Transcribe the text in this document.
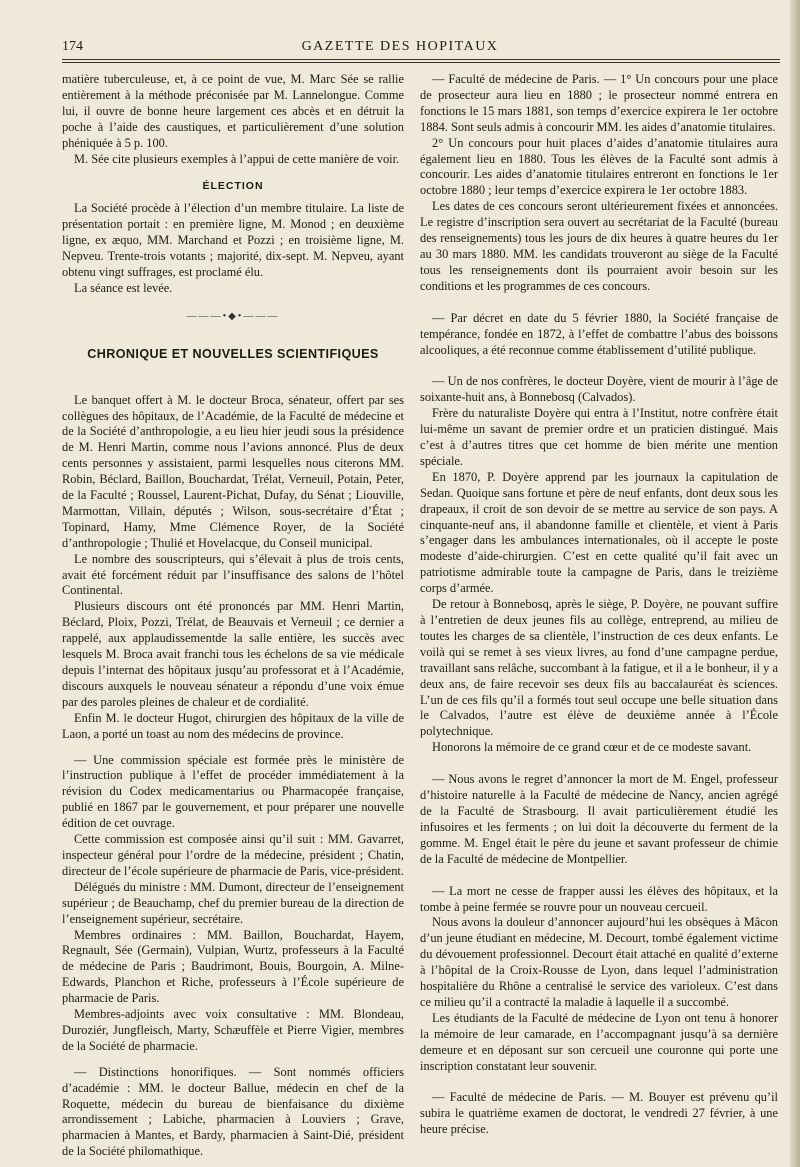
174	GAZETTE DES HOPITAUX

matière tuberculeuse, et, à ce point de vue, M. Marc Sée se rallie entièrement à la méthode préconisée par M. Lannelongue. Comme lui, il ouvre de bonne heure largement ces abcès et en détruit la poche à l’aide des caustiques, et particulièrement d’une solution phéniquée à 5 p. 100.

M. Sée cite plusieurs exemples à l’appui de cette manière de voir.

ÉLECTION

La Société procède à l’élection d’un membre titulaire. La liste de présentation portait : en première ligne, M. Monod ; en deuxième ligne, ex æquo, MM. Marchand et Pozzi ; en troisième ligne, M. Nepveu. Trente-trois votants ; majorité, dix-sept. M. Nepveu, ayant obtenu vingt suffrages, est proclamé élu.

La séance est levée.

———•◆•———
CHRONIQUE ET NOUVELLES SCIENTIFIQUES

Le banquet offert à M. le docteur Broca, sénateur, offert par ses collègues des hôpitaux, de l’Académie, de la Faculté de médecine et de la Société d’anthropologie, a eu lieu hier jeudi sous la présidence de M. Henri Martin, comme nous l’avions annoncé. Plus de deux cents personnes y assistaient, parmi lesquelles nous citerons MM. Robin, Béclard, Baillon, Bouchardat, Trélat, Verneuil, Potain, Peter, de la Faculté ; Roussel, Laurent-Pichat, Dufay, du Sénat ; Liouville, Marmottan, Villain, députés ; Wilson, sous-secrétaire d’État ; Topinard, Hamy, Mme Clémence Royer, de la Société d’anthropologie ; Thulié et Hovelacque, du Conseil municipal.

Le nombre des souscripteurs, qui s’élevait à plus de trois cents, avait été forcément réduit par l’insuffisance des salons de l’hôtel Continental.

Plusieurs discours ont été prononcés par MM. Henri Martin, Béclard, Ploix, Pozzi, Trélat, de Beauvais et Verneuil ; ce dernier a rappelé, aux applaudissementde la salle entière, les succès avec lesquels M. Broca avait franchi tous les échelons de sa vie médicale depuis l’internat des hôpitaux jusqu’au professorat et à l’Académie, discours auxquels le nouveau sénateur a répondu d’une voix émue par des paroles pleines de chaleur et de cordialité.

Enfin M. le docteur Hugot, chirurgien des hôpitaux de la ville de Laon, a porté un toast au nom des médecins de province.

— Une commission spéciale est formée près le ministère de l’instruction publique à l’effet de procéder immédiatement à la révision du Codex medicamentarius ou Pharmacopée française, publié en 1867 par le gouvernement, et pour préparer une nouvelle édition de cet ouvrage.

Cette commission est composée ainsi qu’il suit : MM. Gavarret, inspecteur général pour l’ordre de la médecine, président ; Chatin, directeur de l’école supérieure de pharmacie de Paris, vice-président.

Délégués du ministre : MM. Dumont, directeur de l’enseignement supérieur ; de Beauchamp, chef du premier bureau de la direction de l’enseignement supérieur, secrétaire.

Membres ordinaires : MM. Baillon, Bouchardat, Hayem, Regnault, Sée (Germain), Vulpian, Wurtz, professeurs à la Faculté de médecine de Paris ; Baudrimont, Bouis, Bourgoin, A. Milne-Edwards, Planchon et Riche, professeurs à l’École supérieure de pharmacie de Paris.

Membres-adjoints avec voix consultative : MM. Blondeau, Duroziér, Jungfleisch, Marty, Schæuffèle et Pierre Vigier, membres de la Société de pharmacie.

— Distinctions honorifiques. — Sont nommés officiers d’académie : MM. le docteur Ballue, médecin en chef de la Roquette, médecin du bureau de bienfaisance du dixième arrondissement ; Labiche, pharmacien à Louviers ; Grave, pharmacien à Mantes, et Bardy, pharmacien à Saint-Dié, président de la Société philomathique.

— Faculté de médecine de Paris. — 1° Un concours pour une place de prosecteur aura lieu en 1880 ; le prosecteur nommé entrera en fonctions le 15 mars 1881, son temps d’exercice expirera le 1er octobre 1884. Sont seuls admis à concourir MM. les aides d’anatomie titulaires.

2° Un concours pour huit places d’aides d’anatomie titulaires aura également lieu en 1880. Tous les élèves de la Faculté sont admis à concourir. Les aides d’anatomie titulaires entreront en fonctions le 1er octobre 1880 ; leur temps d’exercice expirera le 1er octobre 1883.

Les dates de ces concours seront ultérieurement fixées et annoncées. Le registre d’inscription sera ouvert au secrétariat de la Faculté (bureau des renseignements) tous les jours de dix heures à quatre heures du 1er au 30 mars 1880. MM. les candidats trouveront au siège de la Faculté tous les renseignements dont ils pourraient avoir besoin sur les conditions et les programmes de ces concours.

— Par décret en date du 5 février 1880, la Société française de tempérance, fondée en 1872, à l’effet de combattre l’abus des boissons alcooliques, a été reconnue comme établissement d’utilité publique.

— Un de nos confrères, le docteur Doyère, vient de mourir à l’âge de soixante-huit ans, à Bonnebosq (Calvados).

Frère du naturaliste Doyère qui entra à l’Institut, notre confrère était lui-même un savant de premier ordre et un praticien distingué. Mais c’est à d’autres titres que cet homme de bien mérite une mention spéciale.

En 1870, P. Doyère apprend par les journaux la capitulation de Sedan. Quoique sans fortune et père de neuf enfants, dont deux sous les drapeaux, il croit de son devoir de se mettre au service de son pays. A cinquante-neuf ans, il abandonne famille et clientèle, et vient à Paris s’engager dans les ambulances internationales, où il accepte le poste modeste d’aide-chirurgien. C’est en cette qualité qu’il fait avec un patriotisme admirable toute la campagne de Paris, dans le treizième corps d’armée.

De retour à Bonnebosq, après le siège, P. Doyère, ne pouvant suffire à l’entretien de deux jeunes fils au collège, entreprend, au milieu de toutes les charges de sa clientèle, l’instruction de ces deux enfants. Le voilà qui se remet à ses vieux livres, au fond d’une campagne perdue, travaillant sans relâche, succombant à la fatigue, et il a le bonheur, il y a deux ans, de faire recevoir ses deux fils au baccalauréat ès sciences. L’un de ces fils qu’il a formés tout seul occupe une belle situation dans le Calvados, l’autre est élève de deuxième année à l’École polytechnique.

Honorons la mémoire de ce grand cœur et de ce modeste savant.

— Nous avons le regret d’annoncer la mort de M. Engel, professeur d’histoire naturelle à la Faculté de médecine de Nancy, ancien agrégé de la Faculté de Strasbourg. Il avait particulièrement étudié les infusoires et les ferments ; on lui doit la découverte du ferment de la gomme. M. Engel était le père du jeune et savant professeur de chimie de la Faculté de médecine de Montpellier.

— La mort ne cesse de frapper aussi les élèves des hôpitaux, et la tombe à peine fermée se rouvre pour un nouveau cercueil.

Nous avons la douleur d’annoncer aujourd’hui les obsèques à Mâcon d’un jeune étudiant en médecine, M. Decourt, tombé également victime du dévouement professionnel. Decourt était attaché en qualité d’externe à l’hôpital de la Croix-Rousse de Lyon, dans lequel l’administration hospitalière du Rhône a centralisé le service des varioleux. C’est dans ce milieu qu’il a contracté la maladie à laquelle il a succombé.

Les étudiants de la Faculté de médecine de Lyon ont tenu à honorer la mémoire de leur camarade, en l’accompagnant jusqu’à sa dernière demeure et en déposant sur son cercueil une couronne qui porte une inscription constatant leur souvenir.

— Faculté de médecine de Paris. — M. Bouyer est prévenu qu’il subira le quatrième examen de doctorat, le vendredi 27 février, à une heure précise.
